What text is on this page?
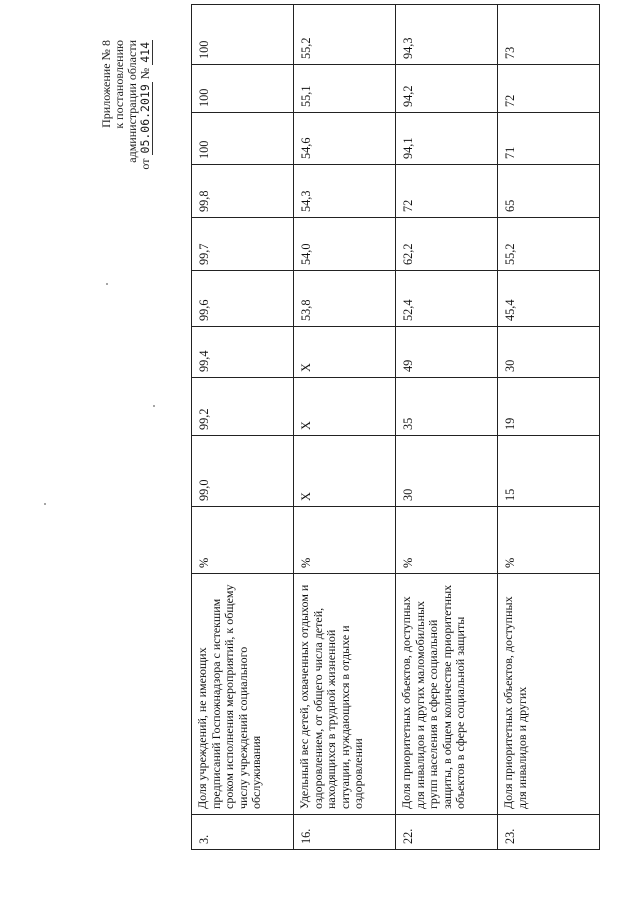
Приложение № 8 к постановлению администрации области
от 05.06.2019 № 414
3.	Доля учреждений, не имеющих предписаний Госпожнадзора с истекшим сроком исполнения мероприятий, к общему числу учреждений социального обслуживания	%	99,0	99,2	99,4	99,6	99,7	99,8	100	100	100
16.	Удельный вес детей, охваченных отдыхом и оздоровлением, от общего числа детей, находящихся в трудной жизненной ситуации, нуждающихся в отдыхе и оздоровлении	%	Х	Х	Х	53,8	54,0	54,3	54,6	55,1	55,2
22.	Доля приоритетных объектов, доступных для инвалидов и других маломобильных групп населения в сфере социальной защиты, в общем количестве приоритетных объектов в сфере социальной защиты	%	30	35	49	52,4	62,2	72	94,1	94,2	94,3
23.	Доля приоритетных объектов, доступных для инвалидов и других	%	15	19	30	45,4	55,2	65	71	72	73
